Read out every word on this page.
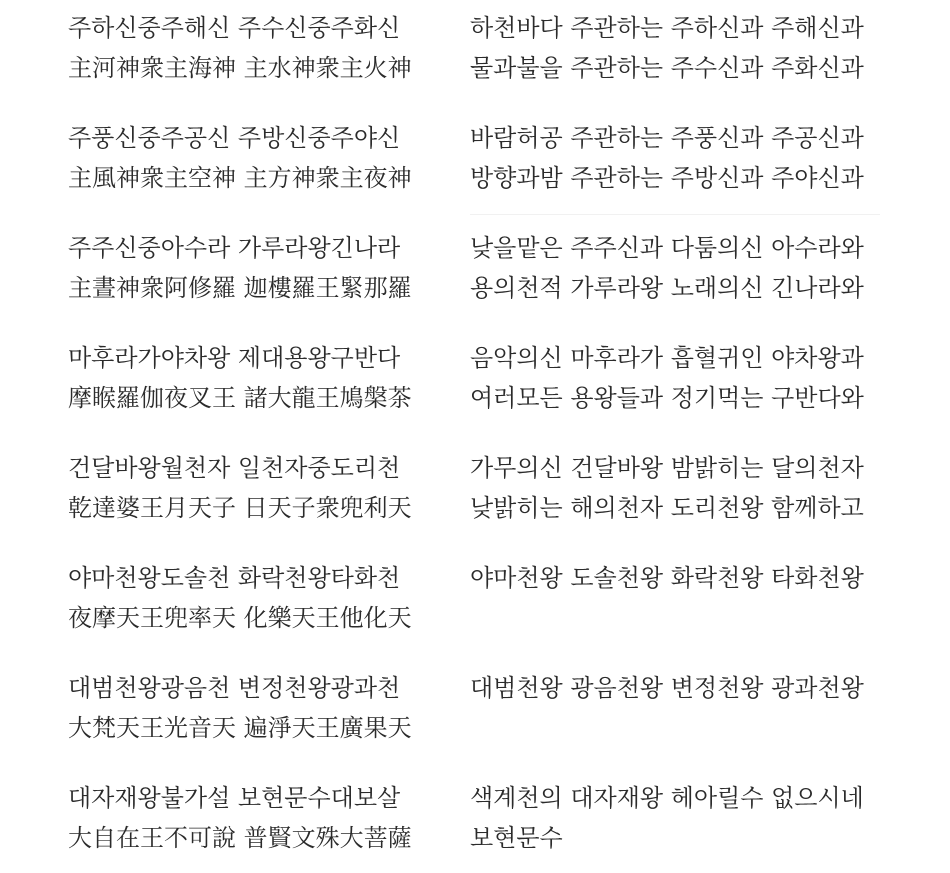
주하신중주해신 주수신중주화신
主河神衆主海神 主水神衆主火神
하천바다 주관하는 주하신과 주해신과
물과불을 주관하는 주수신과 주화신과
주풍신중주공신 주방신중주야신
主風神衆主空神 主方神衆主夜神
바람허공 주관하는 주풍신과 주공신과
방향과밤 주관하는 주방신과 주야신과
주주신중아수라 가루라왕긴나라
主晝神衆阿修羅 迦樓羅王緊那羅
낮을맡은 주주신과 다툼의신 아수라와
용의천적 가루라왕 노래의신 긴나라와
마후라가야차왕 제대용왕구반다
摩睺羅伽夜叉王 諸大龍王鳩槃茶
음악의신 마후라가 흡혈귀인 야차왕과
여러모든 용왕들과 정기먹는 구반다와
건달바왕월천자 일천자중도리천
乾達婆王月天子 日天子衆兜利天
가무의신 건달바왕 밤밝히는 달의천자
낮밝히는 해의천자 도리천왕 함께하고
야마천왕도솔천 화락천왕타화천
夜摩天王兜率天 化樂天王他化天
야마천왕 도솔천왕 화락천왕 타화천왕
대범천왕광음천 변정천왕광과천
大梵天王光音天 遍淨天王廣果天
대범천왕 광음천왕 변정천왕 광과천왕
대자재왕불가설 보현문수대보살
大自在王不可說 普賢文殊大菩薩
색계천의 대자재왕 헤아릴수 없으시네
보현문수
